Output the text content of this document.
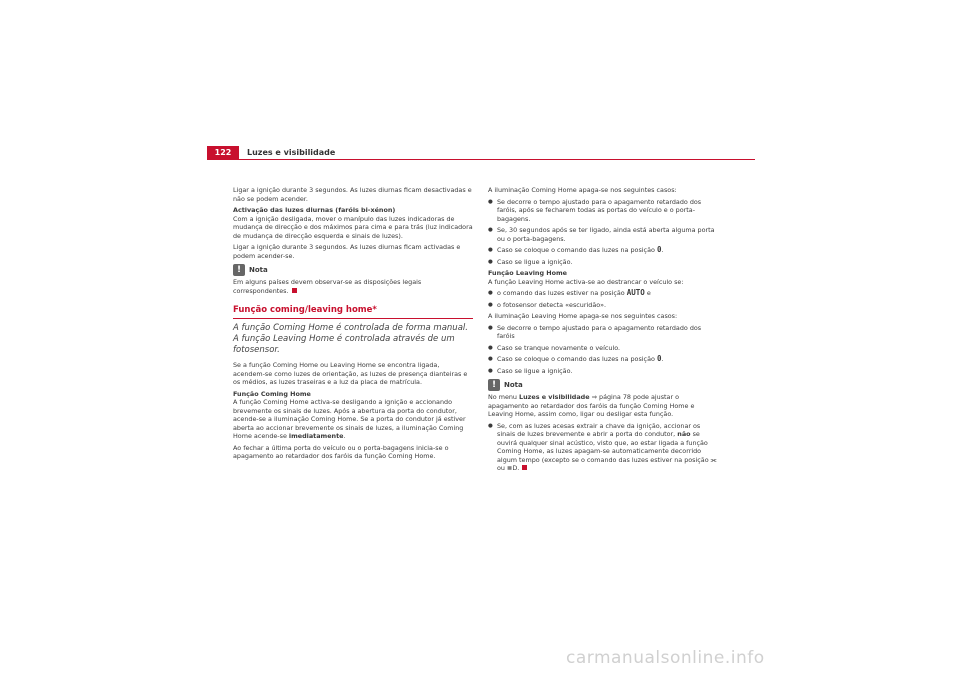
122	Luzes e visibilidade

Ligar a ignição durante 3 segundos. As luzes diurnas ficam desactivadas e não se podem acender.

Activação das luzes diurnas (faróis bi-xénon)

Com a ignição desligada, mover o manípulo das luzes indicadoras de mudança de direcção e dos máximos para cima e para trás (luz indicadora de mudança de direcção esquerda e sinais de luzes).

Ligar a ignição durante 3 segundos. As luzes diurnas ficam activadas e podem acender-se.

!	Nota

Em alguns países devem observar-se as disposições legais correspondentes.

Função coming/leaving home*

A função Coming Home é controlada de forma manual. A função Leaving Home é controlada através de um fotosensor.

Se a função Coming Home ou Leaving Home se encontra ligada, acendem-se como luzes de orientação, as luzes de presença dianteiras e os médios, as luzes traseiras e a luz da placa de matrícula.

Função Coming Home

A função Coming Home activa-se desligando a ignição e accionando brevemente os sinais de luzes. Após a abertura da porta do condutor, acende-se a iluminação Coming Home. Se a porta do condutor já estiver aberta ao accionar brevemente os sinais de luzes, a iluminação Coming Home acende-se imediatamente.

Ao fechar a última porta do veículo ou o porta-bagagens inicia-se o apagamento ao retardador dos faróis da função Coming Home.

A iluminação Coming Home apaga-se nos seguintes casos:

● Se decorre o tempo ajustado para o apagamento retardado dos faróis, após se fecharem todas as portas do veículo e o porta-bagagens.
● Se, 30 segundos após se ter ligado, ainda está aberta alguma porta ou o porta-bagagens.
● Caso se coloque o comando das luzes na posição 0.
● Caso se ligue a ignição.

Função Leaving Home

A função Leaving Home activa-se ao destrancar o veículo se:

● o comando das luzes estiver na posição AUTO e
● o fotosensor detecta «escuridão».

A iluminação Leaving Home apaga-se nos seguintes casos:

● Se decorre o tempo ajustado para o apagamento retardado dos faróis
● Caso se tranque novamente o veículo.
● Caso se coloque o comando das luzes na posição 0.
● Caso se ligue a ignição.
!	Nota

No menu Luzes e visibilidade ⇒ página 78 pode ajustar o apagamento ao retardador dos faróis da função Coming Home e Leaving Home, assim como, ligar ou desligar esta função.

● Se, com as luzes acesas extrair a chave da ignição, accionar os sinais de luzes brevemente e abrir a porta do condutor, não se ouvirá qualquer sinal acústico, visto que, ao estar ligada a função Coming Home, as luzes apagam-se automaticamente decorrido algum tempo (excepto se o comando das luzes estiver na posição ⫘ ou ≣D.
carmanualsonline.info
